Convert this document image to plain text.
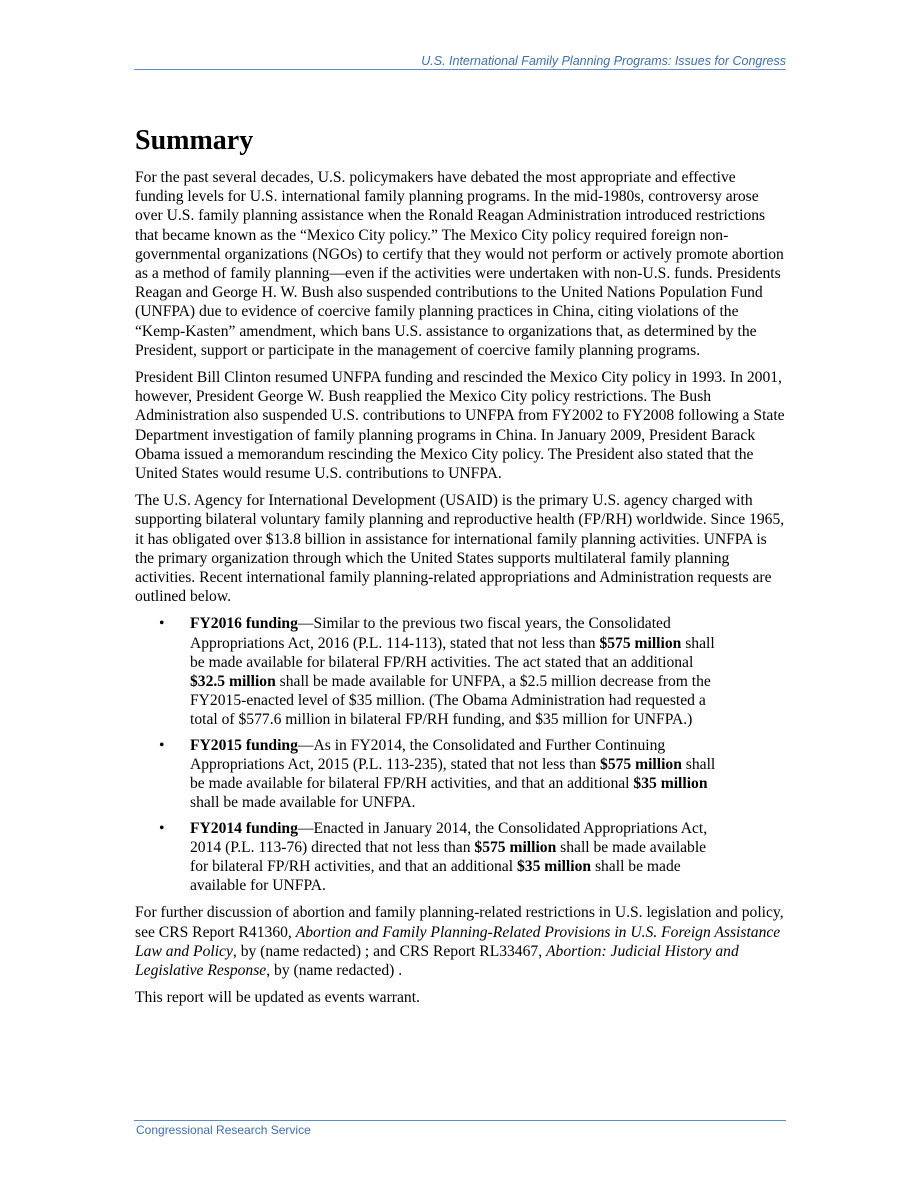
U.S. International Family Planning Programs: Issues for Congress
Summary

For the past several decades, U.S. policymakers have debated the most appropriate and effective funding levels for U.S. international family planning programs. In the mid-1980s, controversy arose over U.S. family planning assistance when the Ronald Reagan Administration introduced restrictions that became known as the “Mexico City policy.” The Mexico City policy required foreign non-governmental organizations (NGOs) to certify that they would not perform or actively promote abortion as a method of family planning—even if the activities were undertaken with non-U.S. funds. Presidents Reagan and George H. W. Bush also suspended contributions to the United Nations Population Fund (UNFPA) due to evidence of coercive family planning practices in China, citing violations of the “Kemp-Kasten” amendment, which bans U.S. assistance to organizations that, as determined by the President, support or participate in the management of coercive family planning programs.

President Bill Clinton resumed UNFPA funding and rescinded the Mexico City policy in 1993. In 2001, however, President George W. Bush reapplied the Mexico City policy restrictions. The Bush Administration also suspended U.S. contributions to UNFPA from FY2002 to FY2008 following a State Department investigation of family planning programs in China. In January 2009, President Barack Obama issued a memorandum rescinding the Mexico City policy. The President also stated that the United States would resume U.S. contributions to UNFPA.

The U.S. Agency for International Development (USAID) is the primary U.S. agency charged with supporting bilateral voluntary family planning and reproductive health (FP/RH) worldwide. Since 1965, it has obligated over $13.8 billion in assistance for international family planning activities. UNFPA is the primary organization through which the United States supports multilateral family planning activities. Recent international family planning-related appropriations and Administration requests are outlined below.

• FY2016 funding—Similar to the previous two fiscal years, the Consolidated Appropriations Act, 2016 (P.L. 114-113), stated that not less than $575 million shall be made available for bilateral FP/RH activities. The act stated that an additional $32.5 million shall be made available for UNFPA, a $2.5 million decrease from the FY2015-enacted level of $35 million. (The Obama Administration had requested a total of $577.6 million in bilateral FP/RH funding, and $35 million for UNFPA.)
• FY2015 funding—As in FY2014, the Consolidated and Further Continuing Appropriations Act, 2015 (P.L. 113-235), stated that not less than $575 million shall be made available for bilateral FP/RH activities, and that an additional $35 million shall be made available for UNFPA.
• FY2014 funding—Enacted in January 2014, the Consolidated Appropriations Act, 2014 (P.L. 113-76) directed that not less than $575 million shall be made available for bilateral FP/RH activities, and that an additional $35 million shall be made available for UNFPA.

For further discussion of abortion and family planning-related restrictions in U.S. legislation and policy, see CRS Report R41360, Abortion and Family Planning-Related Provisions in U.S. Foreign Assistance Law and Policy, by (name redacted) ; and CRS Report RL33467, Abortion: Judicial History and Legislative Response, by (name redacted) .

This report will be updated as events warrant.

Congressional Research Service
